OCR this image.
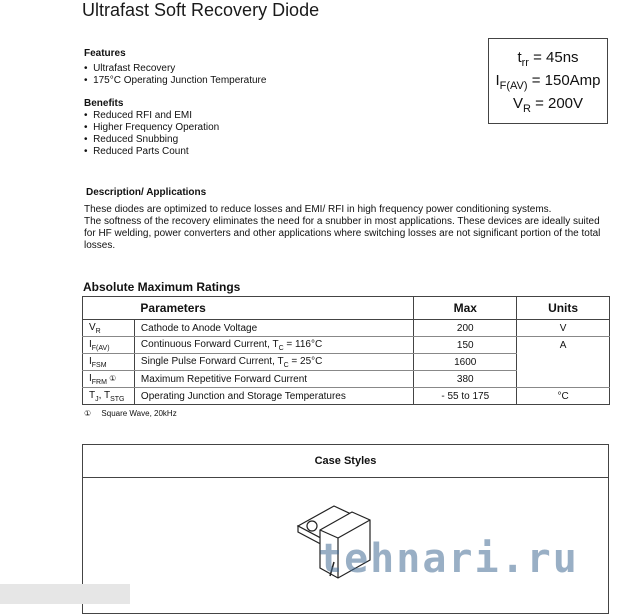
Ultrafast Soft Recovery Diode
Features
•  Ultrafast Recovery
•  175°C Operating Junction Temperature
Benefits
•  Reduced RFI and EMI
•  Higher Frequency Operation
•  Reduced Snubbing
•  Reduced Parts Count
$t_{rr} = 45ns$
$I_{F(AV)} = 150Amp$
$V_R = 200V$
Description/ Applications
These diodes are optimized to reduce losses and EMI/ RFI in high frequency power conditioning systems.
The softness of the recovery eliminates the need for a snubber in most applications. These devices are ideally suited for HF welding, power converters and other applications where switching losses are not significant portion of the total losses.
Absolute Maximum Ratings
	Parameters	Max	Units
$V_R$	Cathode to Anode Voltage	200	V
$I_{F(AV)}$	Continuous Forward Current, $T_C = 116^\circ C$	150	A
$I_{FSM}$	Single Pulse Forward Current, $T_C = 25^\circ C$	1600	
$I_{FRM}$ ①	Maximum Repetitive Forward Current	380	
$T_J$, $T_{STG}$	Operating Junction and Storage Temperatures	- 55 to 175	°C
① Square Wave, 20kHz
Case Styles
tehnari.ru
